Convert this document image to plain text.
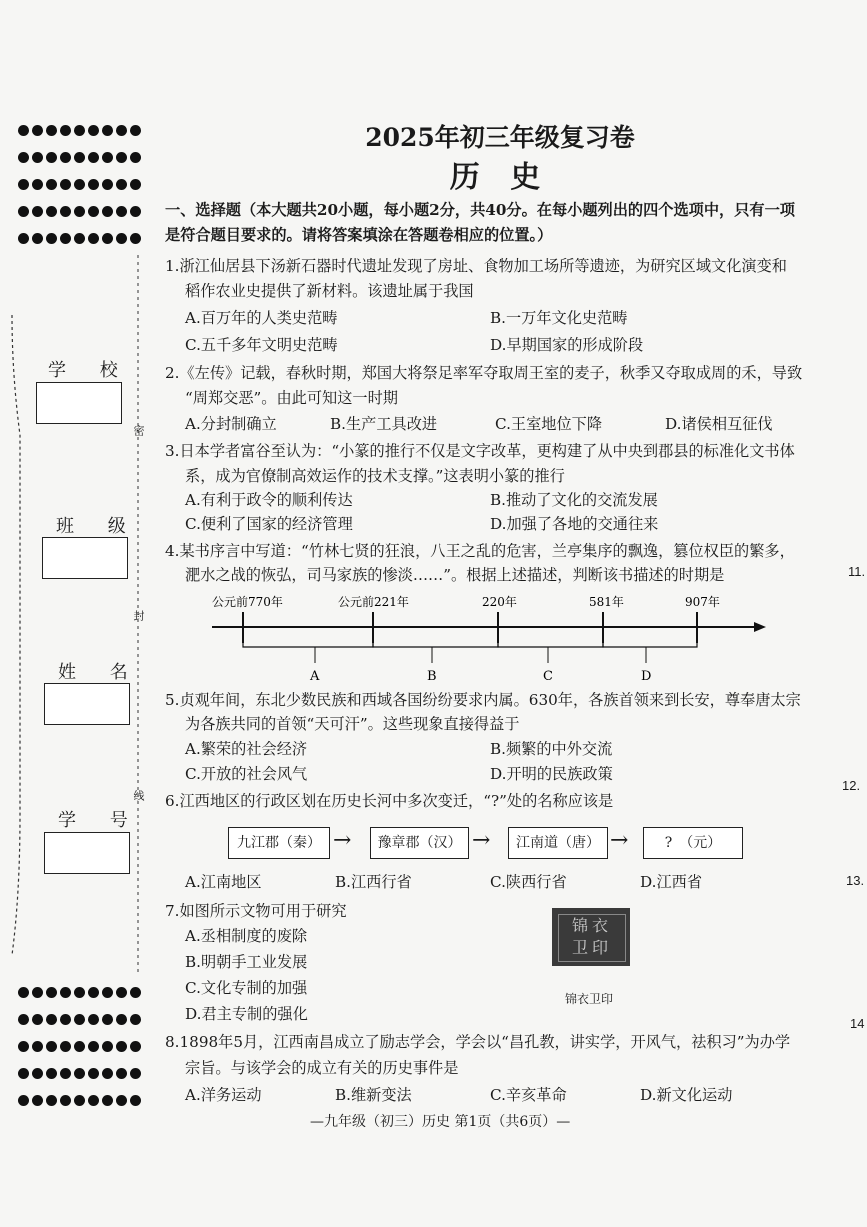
2025年初三年级复习卷
历 史
密
封
线
学 校
班 级
姓 名
学 号
一、选择题（本大题共20小题，每小题2分，共40分。在每小题列出的四个选项中，只有一项
是符合题目要求的。请将答案填涂在答题卷相应的位置。）
1.浙江仙居县下汤新石器时代遗址发现了房址、食物加工场所等遗迹，为研究区域文化演变和
稻作农业史提供了新材料。该遗址属于我国
A.百万年的人类史范畴	B.一万年文化史范畴
C.五千多年文明史范畴	D.早期国家的形成阶段
2.《左传》记载，春秋时期，郑国大将祭足率军夺取周王室的麦子，秋季又夺取成周的禾，导致
“周郑交恶”。由此可知这一时期
A.分封制确立	B.生产工具改进	C.王室地位下降	D.诸侯相互征伐
3.日本学者富谷至认为：“小篆的推行不仅是文字改革，更构建了从中央到郡县的标准化文书体
系，成为官僚制高效运作的技术支撑。”这表明小篆的推行
A.有利于政令的顺利传达	B.推动了文化的交流发展
C.便利了国家的经济管理	D.加强了各地的交通往来
4.某书序言中写道：“竹林七贤的狂浪，八王之乱的危害，兰亭集序的飘逸，篡位权臣的繁多，
淝水之战的恢弘，司马家族的惨淡……”。根据上述描述，判断该书描述的时期是
公元前770年	公元前221年	220年	581年	907年
A	B	C	D
5.贞观年间，东北少数民族和西域各国纷纷要求内属。630年，各族首领来到长安，尊奉唐太宗
为各族共同的首领“天可汗”。这些现象直接得益于
A.繁荣的社会经济	B.频繁的中外交流
C.开放的社会风气	D.开明的民族政策
6.江西地区的行政区划在历史长河中多次变迁，“?”处的名称应该是
九江郡（秦） →	豫章郡（汉） →	江南道（唐） →	?　（元）
A.江南地区	B.江西行省	C.陕西行省	D.江西省
7.如图所示文物可用于研究
A.丞相制度的废除
B.明朝手工业发展
C.文化专制的加强
D.君主专制的强化
锦衣
卫印
锦衣卫印
8.1898年5月，江西南昌成立了励志学会，学会以“昌孔教，讲实学，开风气，祛积习”为办学
宗旨。与该学会的成立有关的历史事件是
A.洋务运动	B.维新变法	C.辛亥革命	D.新文化运动
—九年级（初三）历史 第1页（共6页）—
11.
12.
13.
14
